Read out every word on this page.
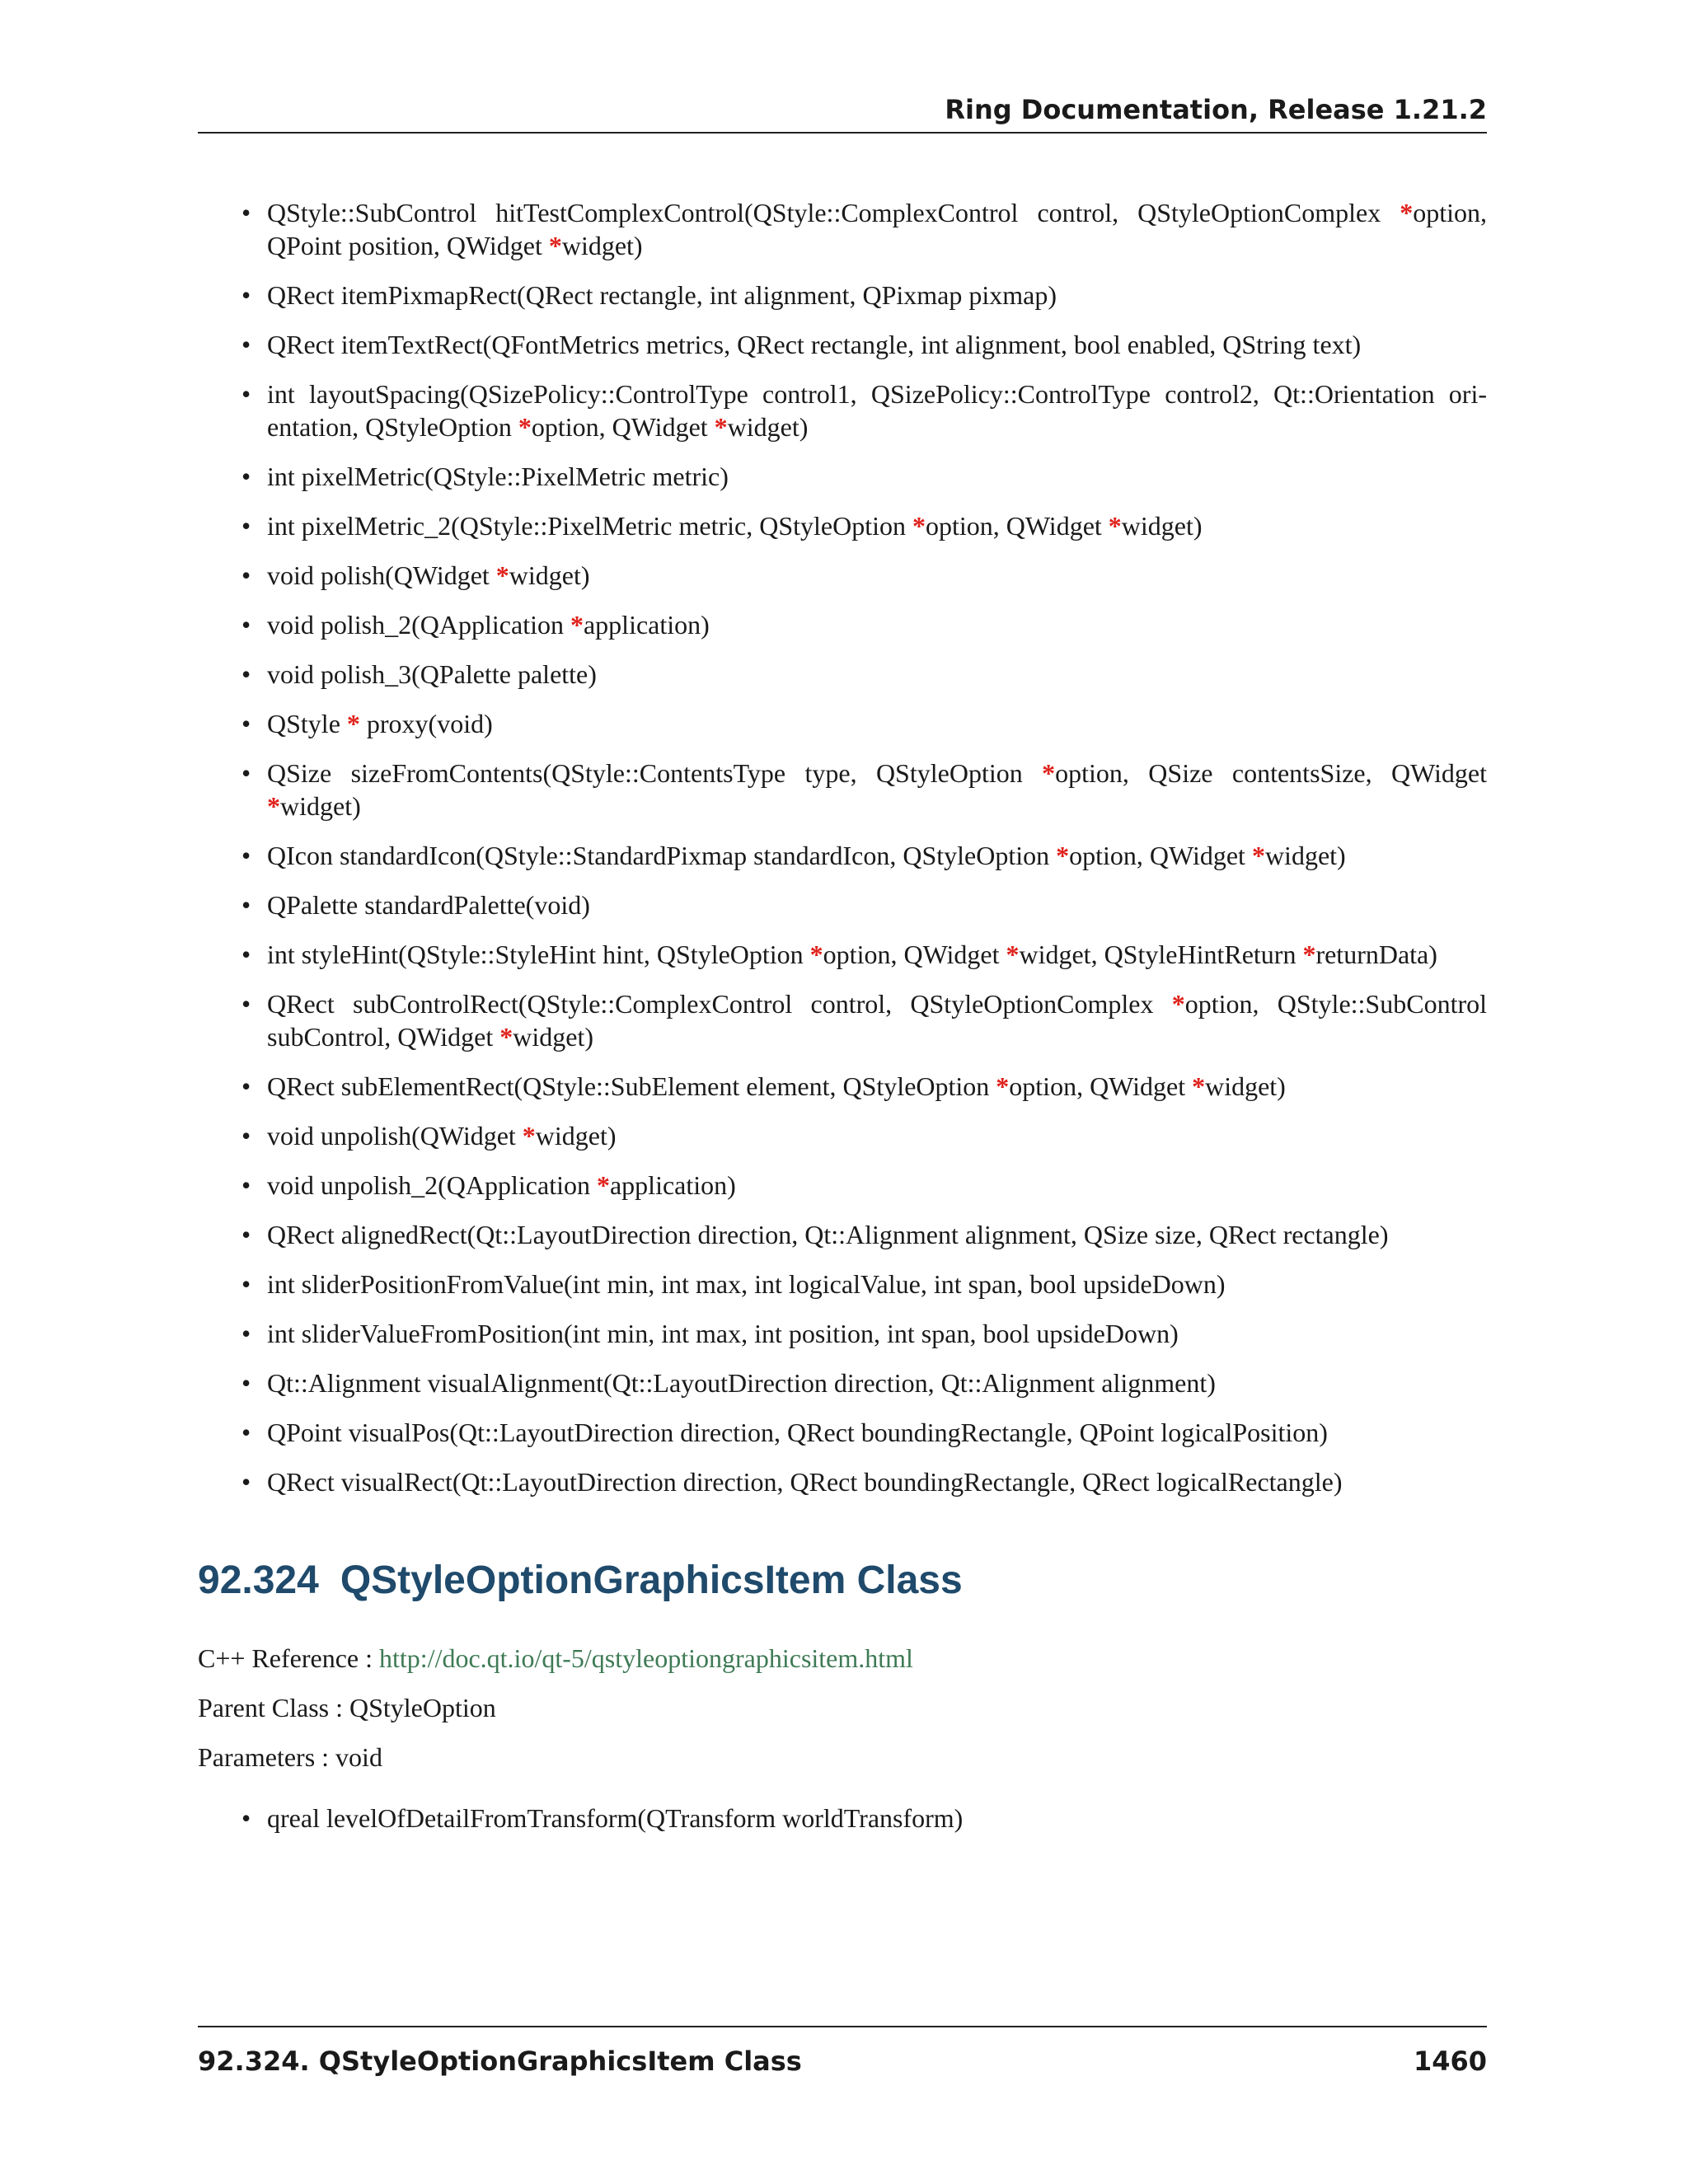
Ring Documentation, Release 1.21.2
• QStyle::SubControl hitTestComplexControl(QStyle::ComplexControl control, QStyleOptionComplex *option, QPoint position, QWidget *widget)
• QRect itemPixmapRect(QRect rectangle, int alignment, QPixmap pixmap)
• QRect itemTextRect(QFontMetrics metrics, QRect rectangle, int alignment, bool enabled, QString text)
• int layoutSpacing(QSizePolicy::ControlType control1, QSizePolicy::ControlType control2, Qt::Orientation ori-entation, QStyleOption *option, QWidget *widget)
• int pixelMetric(QStyle::PixelMetric metric)
• int pixelMetric_2(QStyle::PixelMetric metric, QStyleOption *option, QWidget *widget)
• void polish(QWidget *widget)
• void polish_2(QApplication *application)
• void polish_3(QPalette palette)
• QStyle * proxy(void)
• QSize sizeFromContents(QStyle::ContentsType type, QStyleOption *option, QSize contentsSize, QWidget *widget)
• QIcon standardIcon(QStyle::StandardPixmap standardIcon, QStyleOption *option, QWidget *widget)
• QPalette standardPalette(void)
• int styleHint(QStyle::StyleHint hint, QStyleOption *option, QWidget *widget, QStyleHintReturn *returnData)
• QRect subControlRect(QStyle::ComplexControl control, QStyleOptionComplex *option, QStyle::SubControl subControl, QWidget *widget)
• QRect subElementRect(QStyle::SubElement element, QStyleOption *option, QWidget *widget)
• void unpolish(QWidget *widget)
• void unpolish_2(QApplication *application)
• QRect alignedRect(Qt::LayoutDirection direction, Qt::Alignment alignment, QSize size, QRect rectangle)
• int sliderPositionFromValue(int min, int max, int logicalValue, int span, bool upsideDown)
• int sliderValueFromPosition(int min, int max, int position, int span, bool upsideDown)
• Qt::Alignment visualAlignment(Qt::LayoutDirection direction, Qt::Alignment alignment)
• QPoint visualPos(Qt::LayoutDirection direction, QRect boundingRectangle, QPoint logicalPosition)
• QRect visualRect(Qt::LayoutDirection direction, QRect boundingRectangle, QRect logicalRectangle)
92.324 QStyleOptionGraphicsItem Class
C++ Reference : http://doc.qt.io/qt-5/qstyleoptiongraphicsitem.html
Parent Class : QStyleOption
Parameters : void
• qreal levelOfDetailFromTransform(QTransform worldTransform)
92.324. QStyleOptionGraphicsItem Class	1460
